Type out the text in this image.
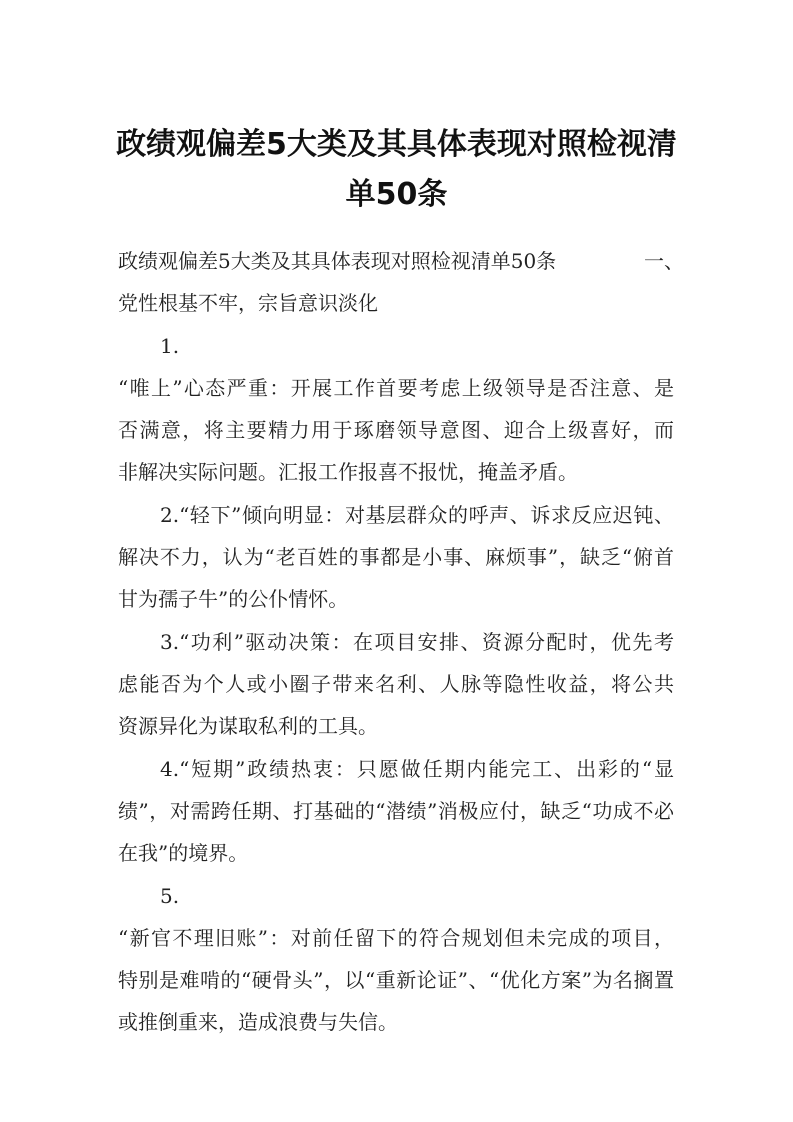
政绩观偏差5大类及其具体表现对照检视清
单50条

政绩观偏差5大类及其具体表现对照检视清单50条	一、

党性根基不牢，宗旨意识淡化

1.

“唯上”心态严重：开展工作首要考虑上级领导是否注意、是

否满意，将主要精力用于琢磨领导意图、迎合上级喜好，而

非解决实际问题。汇报工作报喜不报忧，掩盖矛盾。

2.“轻下”倾向明显：对基层群众的呼声、诉求反应迟钝、

解决不力，认为“老百姓的事都是小事、麻烦事”，缺乏“俯首

甘为孺子牛”的公仆情怀。

3.“功利”驱动决策：在项目安排、资源分配时，优先考

虑能否为个人或小圈子带来名利、人脉等隐性收益，将公共

资源异化为谋取私利的工具。

4.“短期”政绩热衷：只愿做任期内能完工、出彩的“显

绩”，对需跨任期、打基础的“潜绩”消极应付，缺乏“功成不必

在我”的境界。

5.

“新官不理旧账”：对前任留下的符合规划但未完成的项目，

特别是难啃的“硬骨头”，以“重新论证”、“优化方案”为名搁置

或推倒重来，造成浪费与失信。
